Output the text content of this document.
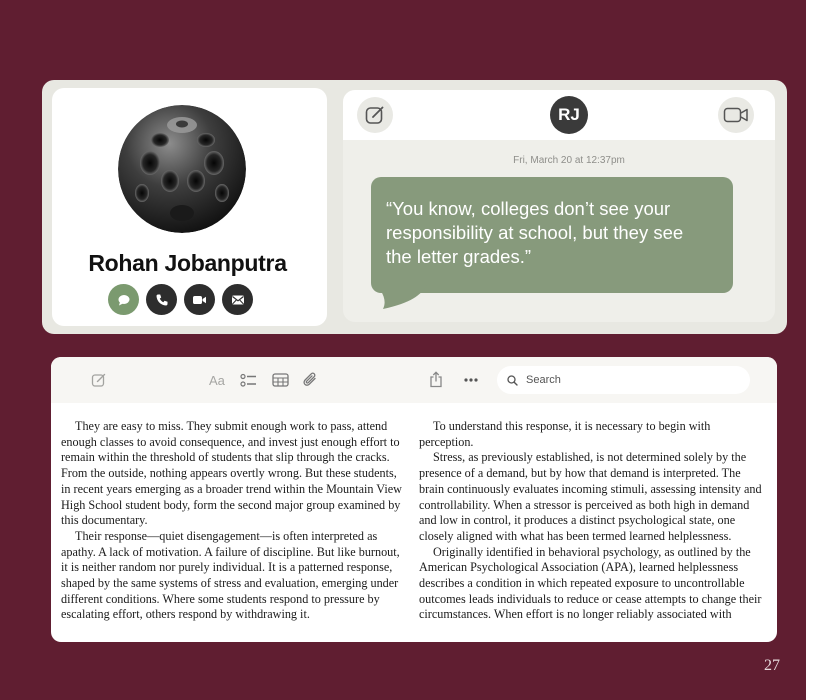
Rohan Jobanputra
RJ
Fri, March 20 at 12:37pm
“You know, colleges don’t see your responsibility at school, but they see the letter grades.”
Aa
Search

They are easy to miss. They submit enough work to pass, attend enough classes to avoid consequence, and invest just enough effort to remain within the threshold of students that slip through the cracks. From the outside, nothing appears overtly wrong. But these students, in recent years emerging as a broader trend within the Mountain View High School student body, form the second major group examined by this documentary.

Their response—quiet disengagement—is often interpreted as apathy. A lack of motivation. A failure of discipline. But like burnout, it is neither random nor purely individual. It is a patterned response, shaped by the same systems of stress and evaluation, emerging under different conditions. Where some students respond to pressure by escalating effort, others respond by withdrawing it.

To understand this response, it is necessary to begin with perception.

Stress, as previously established, is not determined solely by the presence of a demand, but by how that demand is interpreted. The brain continuously evaluates incoming stimuli, assessing intensity and controllability. When a stressor is perceived as both high in demand and low in control, it produces a distinct psychological state, one closely aligned with what has been termed learned helplessness.

Originally identified in behavioral psychology, as outlined by the American Psychological Association (APA), learned helplessness describes a condition in which repeated exposure to uncontrollable outcomes leads individuals to reduce or cease attempts to change their circumstances. When effort is no longer reliably associated with

27
